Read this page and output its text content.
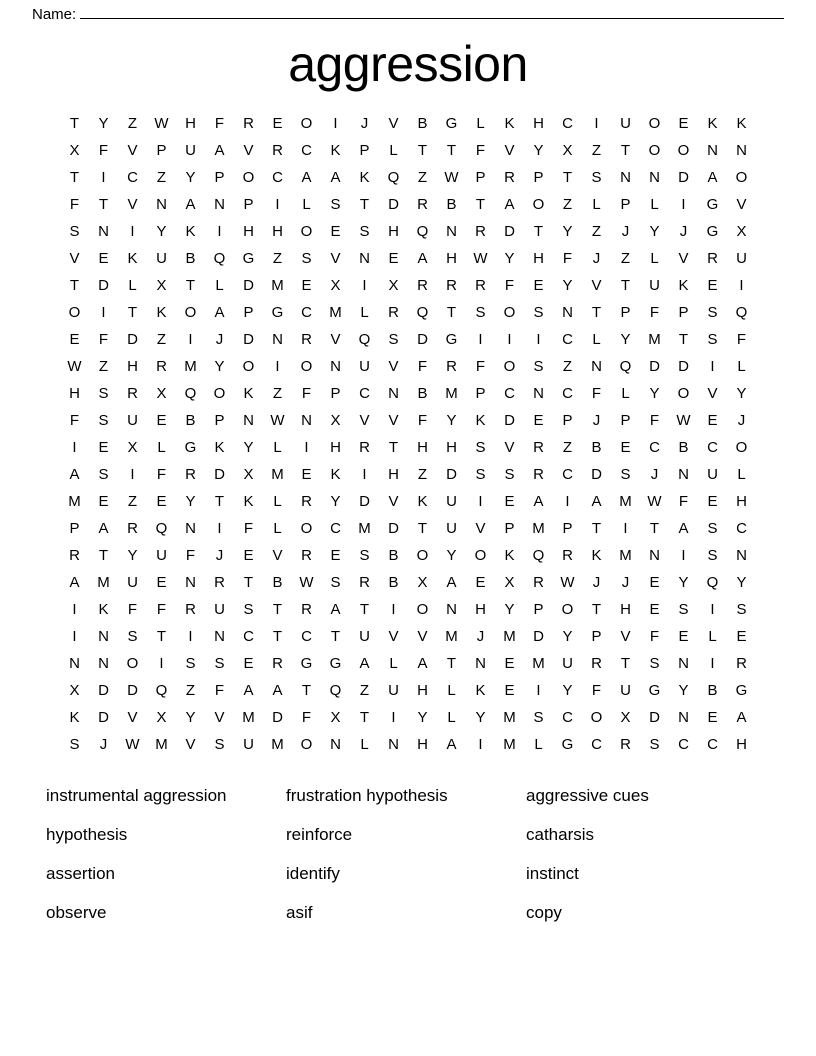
Name:
aggression
T	Y	Z	W	H	F	R	E	O	I	J	V	B	G	L	K	H	C	I	U	O	E	K	K
X	F	V	P	U	A	V	R	C	K	P	L	T	T	F	V	Y	X	Z	T	O	O	N	N
T	I	C	Z	Y	P	O	C	A	A	K	Q	Z	W	P	R	P	T	S	N	N	D	A	O
F	T	V	N	A	N	P	I	L	S	T	D	R	B	T	A	O	Z	L	P	L	I	G	V
S	N	I	Y	K	I	H	H	O	E	S	H	Q	N	R	D	T	Y	Z	J	Y	J	G	X
V	E	K	U	B	Q	G	Z	S	V	N	E	A	H	W	Y	H	F	J	Z	L	V	R	U
T	D	L	X	T	L	D	M	E	X	I	X	R	R	R	F	E	Y	V	T	U	K	E	I
O	I	T	K	O	A	P	G	C	M	L	R	Q	T	S	O	S	N	T	P	F	P	S	Q
E	F	D	Z	I	J	D	N	R	V	Q	S	D	G	I	I	I	C	L	Y	M	T	S	F
W	Z	H	R	M	Y	O	I	O	N	U	V	F	R	F	O	S	Z	N	Q	D	D	I	L
H	S	R	X	Q	O	K	Z	F	P	C	N	B	M	P	C	N	C	F	L	Y	O	V	Y
F	S	U	E	B	P	N	W	N	X	V	V	F	Y	K	D	E	P	J	P	F	W	E	J
I	E	X	L	G	K	Y	L	I	H	R	T	H	H	S	V	R	Z	B	E	C	B	C	O
A	S	I	F	R	D	X	M	E	K	I	H	Z	D	S	S	R	C	D	S	J	N	U	L
M	E	Z	E	Y	T	K	L	R	Y	D	V	K	U	I	E	A	I	A	M	W	F	E	H
P	A	R	Q	N	I	F	L	O	C	M	D	T	U	V	P	M	P	T	I	T	A	S	C
R	T	Y	U	F	J	E	V	R	E	S	B	O	Y	O	K	Q	R	K	M	N	I	S	N
A	M	U	E	N	R	T	B	W	S	R	B	X	A	E	X	R	W	J	J	E	Y	Q	Y
I	K	F	F	R	U	S	T	R	A	T	I	O	N	H	Y	P	O	T	H	E	S	I	S
I	N	S	T	I	N	C	T	C	T	U	V	V	M	J	M	D	Y	P	V	F	E	L	E
N	N	O	I	S	S	E	R	G	G	A	L	A	T	N	E	M	U	R	T	S	N	I	R
X	D	D	Q	Z	F	A	A	T	Q	Z	U	H	L	K	E	I	Y	F	U	G	Y	B	G
K	D	V	X	Y	V	M	D	F	X	T	I	Y	L	Y	M	S	C	O	X	D	N	E	A
S	J	W	M	V	S	U	M	O	N	L	N	H	A	I	M	L	G	C	R	S	C	C	H
instrumental aggression
hypothesis
assertion
observe
frustration hypothesis
reinforce
identify
asif
aggressive cues
catharsis
instinct
copy
